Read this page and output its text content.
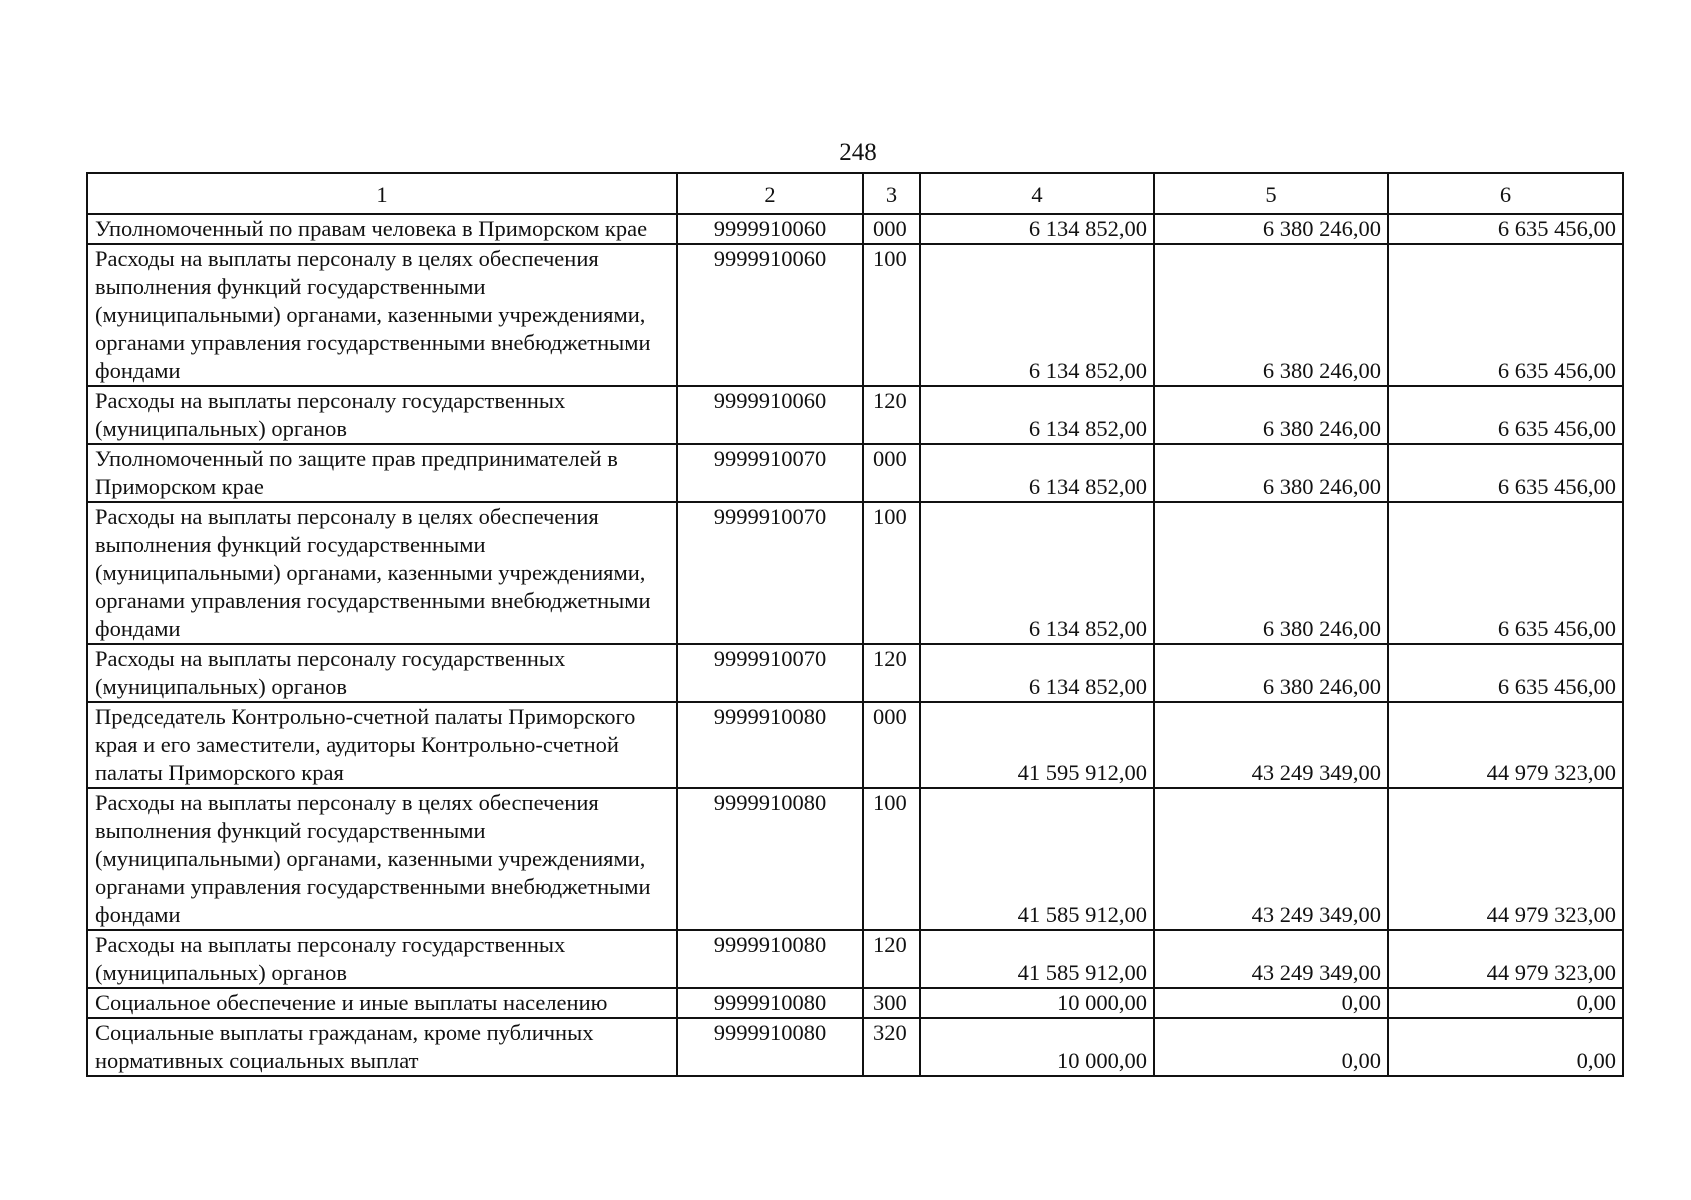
248
1	2	3	4	5	6
Уполномоченный по правам человека в Приморском крае	9999910060	000	6 134 852,00	6 380 246,00	6 635 456,00
Расходы на выплаты персоналу в целях обеспечения выполнения функций государственными (муниципальными) органами, казенными учреждениями, органами управления государственными внебюджетными фондами	9999910060	100	6 134 852,00	6 380 246,00	6 635 456,00
Расходы на выплаты персоналу государственных (муниципальных) органов	9999910060	120	6 134 852,00	6 380 246,00	6 635 456,00
Уполномоченный по защите прав предпринимателей в Приморском крае	9999910070	000	6 134 852,00	6 380 246,00	6 635 456,00
Расходы на выплаты персоналу в целях обеспечения выполнения функций государственными (муниципальными) органами, казенными учреждениями, органами управления государственными внебюджетными фондами	9999910070	100	6 134 852,00	6 380 246,00	6 635 456,00
Расходы на выплаты персоналу государственных (муниципальных) органов	9999910070	120	6 134 852,00	6 380 246,00	6 635 456,00
Председатель Контрольно-счетной палаты Приморского края и его заместители, аудиторы Контрольно-счетной палаты Приморского края	9999910080	000	41 595 912,00	43 249 349,00	44 979 323,00
Расходы на выплаты персоналу в целях обеспечения выполнения функций государственными (муниципальными) органами, казенными учреждениями, органами управления государственными внебюджетными фондами	9999910080	100	41 585 912,00	43 249 349,00	44 979 323,00
Расходы на выплаты персоналу государственных (муниципальных) органов	9999910080	120	41 585 912,00	43 249 349,00	44 979 323,00
Социальное обеспечение и иные выплаты населению	9999910080	300	10 000,00	0,00	0,00
Социальные выплаты гражданам, кроме публичных нормативных социальных выплат	9999910080	320	10 000,00	0,00	0,00
